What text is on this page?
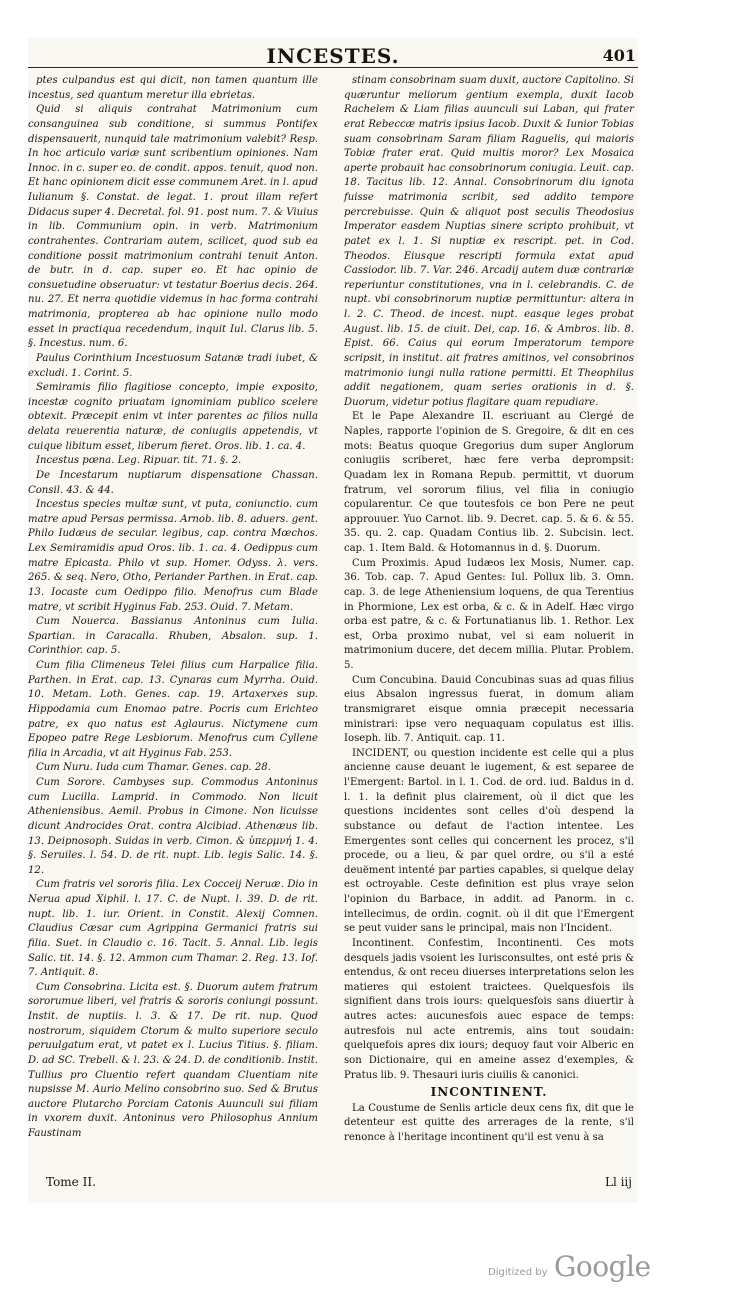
INCESTES.	401

ptes culpandus est qui dicit, non tamen quantum ille incestus, sed quantum meretur illa ebrietas.

Quid si aliquis contrahat Matrimonium cum consanguinea sub conditione, si summus Pontifex dispensauerit, nunquid tale matrimonium valebit? Resp. In hoc articulo variæ sunt scribentium opiniones. Nam Innoc. in c. super eo. de condit. appos. tenuit, quod non. Et hanc opinionem dicit esse communem Aret. in l. apud Iulianum §. Constat. de legat. 1. prout illam refert Didacus super 4. Decretal. fol. 91. post num. 7. & Viuius in lib. Communium opin. in verb. Matrimonium contrahentes. Contrariam autem, scilicet, quod sub ea conditione possit matrimonium contrahi tenuit Anton. de butr. in d. cap. super eo. Et hac opinio de consuetudine obseruatur: vt testatur Boerius decis. 264. nu. 27. Et nerra quotidie videmus in hac forma contrahi matrimonia, propterea ab hac opinione nullo modo esset in practiqua recedendum, inquit Iul. Clarus lib. 5. §. Incestus. num. 6.

Paulus Corinthium Incestuosum Satanæ tradi iubet, & excludi. 1. Corint. 5.

Semiramis filio flagitiose concepto, impie exposito, incestæ cognito priuatam ignominiam publico scelere obtexit. Præcepit enim vt inter parentes ac filios nulla delata reuerentia naturæ, de coniugiis appetendis, vt cuique libitum esset, liberum fieret. Oros. lib. 1. ca. 4.

Incestus pœna. Leg. Ripuar. tit. 71. §. 2.

De Incestarum nuptiarum dispensatione Chassan. Consil. 43. & 44.

Incestus species multæ sunt, vt puta, coniunctio. cum matre apud Persas permissa. Arnob. lib. 8. aduers. gent. Philo Iudæus de secular. legibus, cap. contra Mœchos. Lex Semiramidis apud Oros. lib. 1. ca. 4. Oedippus cum matre Epicasta. Philo vt sup. Homer. Odyss. λ. vers. 265. & seq. Nero, Otho, Periander Parthen. in Erat. cap. 13. Iocaste cum Oedippo filio. Menofrus cum Blade matre, vt scribit Hyginus Fab. 253. Ouid. 7. Metam.

Cum Nouerca. Bassianus Antoninus cum Iulia. Spartian. in Caracalla. Rhuben, Absalon. sup. 1. Corinthior. cap. 5.

Cum filia Climeneus Telei filius cum Harpalice filia. Parthen. in Erat. cap. 13. Cynaras cum Myrrha. Ouid. 10. Metam. Loth. Genes. cap. 19. Artaxerxes sup. Hippodamia cum Enomao patre. Pocris cum Erichteo patre, ex quo natus est Aglaurus. Nictymene cum Epopeo patre Rege Lesbiorum. Menofrus cum Cyllene filia in Arcadia, vt ait Hyginus Fab. 253.

Cum Nuru. Iuda cum Thamar. Genes. cap. 28.

Cum Sorore. Cambyses sup. Commodus Antoninus cum Lucilla. Lamprid. in Commodo. Non licuit Atheniensibus. Aemil. Probus in Cimone. Non licuisse dicunt Androcides Orat. contra Alcibiad. Athenæus lib. 13. Deipnosoph. Suidas in verb. Cimon. & ὑπερμνή 1. 4. §. Seruiles. l. 54. D. de rit. nupt. Lib. legis Salic. 14. §. 12.

Cum fratris vel sororis filia. Lex Cocceij Neruæ. Dio in Nerua apud Xiphil. l. 17. C. de Nupt. l. 39. D. de rit. nupt. lib. 1. iur. Orient. in Constit. Alexij Comnen. Claudius Cæsar cum Agrippina Germanici fratris sui filia. Suet. in Claudio c. 16. Tacit. 5. Annal. Lib. legis Salic. tit. 14. §. 12. Ammon cum Thamar. 2. Reg. 13. Iof. 7. Antiquit. 8.

Cum Consobrina. Licita est. §. Duorum autem fratrum sororumue liberi, vel fratris & sororis coniungi possunt. Instit. de nuptiis. l. 3. & 17. De rit. nup. Quod nostrorum, siquidem Ctorum & multo superiore seculo peruulgatum erat, vt patet ex l. Lucius Titius. §. filiam. D. ad SC. Trebell. & l. 23. & 24. D. de conditionib. Instit. Tullius pro Cluentio refert quandam Cluentiam nite nupsisse M. Aurio Melino consobrino suo. Sed & Brutus auctore Plutarcho Porciam Catonis Auunculi sui filiam in vxorem duxit. Antoninus vero Philosophus Annium Faustinam

stinam consobrinam suam duxit, auctore Capitolino. Si quæruntur meliorum gentium exempla, duxit Iacob Rachelem & Liam filias auunculi sui Laban, qui frater erat Rebeccæ matris ipsius Iacob. Duxit & Iunior Tobias suam consobrinam Saram filiam Raguelis, qui maioris Tobiæ frater erat. Quid multis moror? Lex Mosaica aperte probauit hac consobrinorum coniugia. Leuit. cap. 18. Tacitus lib. 12. Annal. Consobrinorum diu ignota fuisse matrimonia scribit, sed addito tempore percrebuisse. Quin & aliquot post seculis Theodosius Imperator easdem Nuptias sinere scripto prohibuit, vt patet ex l. 1. Si nuptiæ ex rescript. pet. in Cod. Theodos. Eiusque rescripti formula extat apud Cassiodor. lib. 7. Var. 246. Arcadij autem duæ contrariæ reperiuntur constitutiones, vna in l. celebrandis. C. de nupt. vbi consobrinorum nuptiæ permittuntur: altera in l. 2. C. Theod. de incest. nupt. easque leges probat August. lib. 15. de ciuit. Dei, cap. 16. & Ambros. lib. 8. Epist. 66. Caius qui eorum Imperatorum tempore scripsit, in institut. ait fratres amitinos, vel consobrinos matrimonio iungi nulla ratione permitti. Et Theophilus addit negationem, quam series orationis in d. §. Duorum, videtur potius flagitare quam repudiare.

Et le Pape Alexandre II. escriuant au Clergé de Naples, rapporte l'opinion de S. Gregoire, & dit en ces mots: Beatus quoque Gregorius dum super Anglorum coniugiis scriberet, hæc fere verba deprompsit: Quadam lex in Romana Repub. permittit, vt duorum fratrum, vel sororum filius, vel filia in coniugio copularentur. Ce que toutesfois ce bon Pere ne peut approuuer. Yuo Carnot. lib. 9. Decret. cap. 5. & 6. & 55. 35. qu. 2. cap. Quadam Contius lib. 2. Subcisin. lect. cap. 1. Item Bald. & Hotomannus in d. §. Duorum.

Cum Proximis. Apud Iudæos lex Mosis, Numer. cap. 36. Tob. cap. 7. Apud Gentes: Iul. Pollux lib. 3. Omn. cap. 3. de lege Atheniensium loquens, de qua Terentius in Phormione, Lex est orba, & c. & in Adelf. Hæc virgo orba est patre, & c. & Fortunatianus lib. 1. Rethor. Lex est, Orba proximo nubat, vel si eam noluerit in matrimonium ducere, det decem millia. Plutar. Problem. 5.

Cum Concubina. Dauid Concubinas suas ad quas filius eius Absalon ingressus fuerat, in domum aliam transmigraret eisque omnia præcepit necessaria ministrari: ipse vero nequaquam copulatus est illis. Ioseph. lib. 7. Antiquit. cap. 11.

INCIDENT, ou question incidente est celle qui a plus ancienne cause deuant le iugement, & est separee de l'Emergent: Bartol. in l. 1. Cod. de ord. iud. Baldus in d. l. 1. la definit plus clairement, où il dict que les questions incidentes sont celles d'où despend la substance ou defaut de l'action intentee. Les Emergentes sont celles qui concernent les procez, s'il procede, ou a lieu, & par quel ordre, ou s'il a esté deuëment intenté par parties capables, si quelque delay est octroyable. Ceste definition est plus vraye selon l'opinion du Barbace, in addit. ad Panorm. in c. intellecimus, de ordin. cognit. où il dit que l'Emergent se peut vuider sans le principal, mais non l'Incident.

Incontinent. Confestim, Incontinenti. Ces mots desquels jadis vsoient les Iurisconsultes, ont esté pris & entendus, & ont receu diuerses interpretations selon les matieres qui estoient traictees. Quelquesfois ils signifient dans trois iours: quelquesfois sans diuertir à autres actes: aucunesfois auec espace de temps: autresfois nul acte entremis, ains tout soudain: quelquefois apres dix iours; dequoy faut voir Alberic en son Dictionaire, qui en ameine assez d'exemples, & Pratus lib. 9. Thesauri iuris ciuilis & canonici.

INCONTINENT.

La Coustume de Senlis article deux cens fix, dit que le detenteur est quitte des arrerages de la rente, s'il renonce à l'heritage incontinent qu'il est venu à sa

Tome II.	Ll iij
Digitized by Google
